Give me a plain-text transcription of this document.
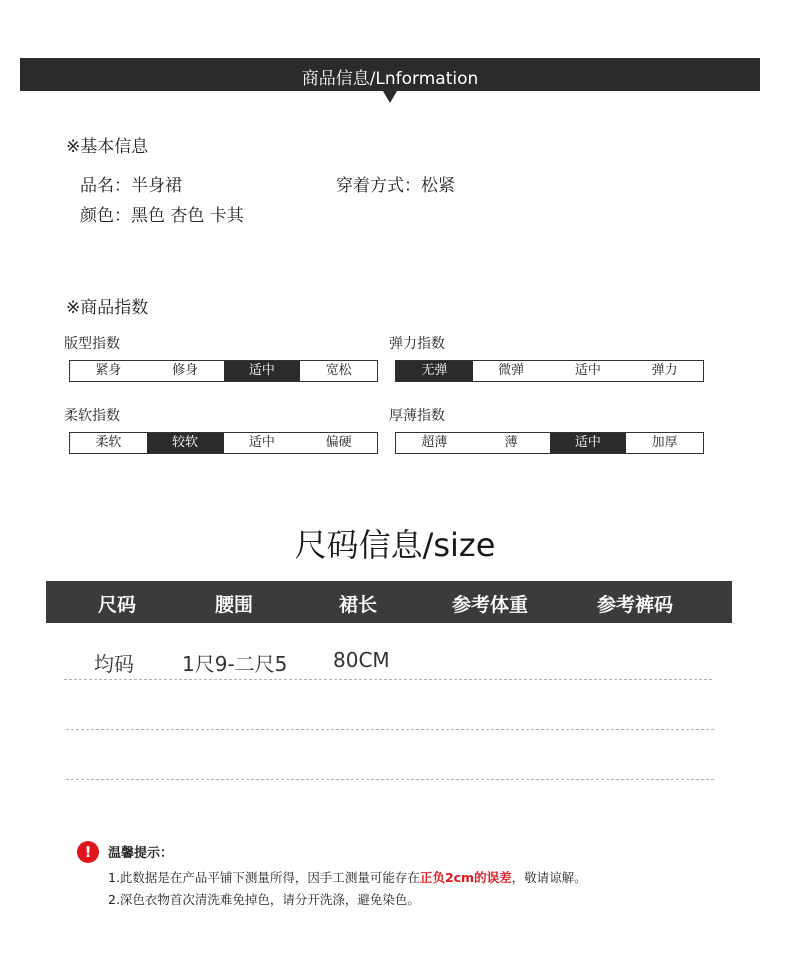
商品信息/Lnformation
※基本信息
品名：半身裙	穿着方式：松紧
颜色：黑色 杏色 卡其
※商品指数
版型指数
紧身	修身	适中	宽松
弹力指数
无弹	微弹	适中	弹力
柔软指数
柔软	较软	适中	偏硬
厚薄指数
超薄	薄	适中	加厚
尺码信息/size
尺码	腰围	裙长	参考体重	参考裤码
均码 1尺9-二尺5 80CM
!	温馨提示：
1.此数据是在产品平铺下测量所得，因手工测量可能存在正负2cm的误差，敬请谅解。
2.深色衣物首次清洗难免掉色，请分开洗涤，避免染色。
